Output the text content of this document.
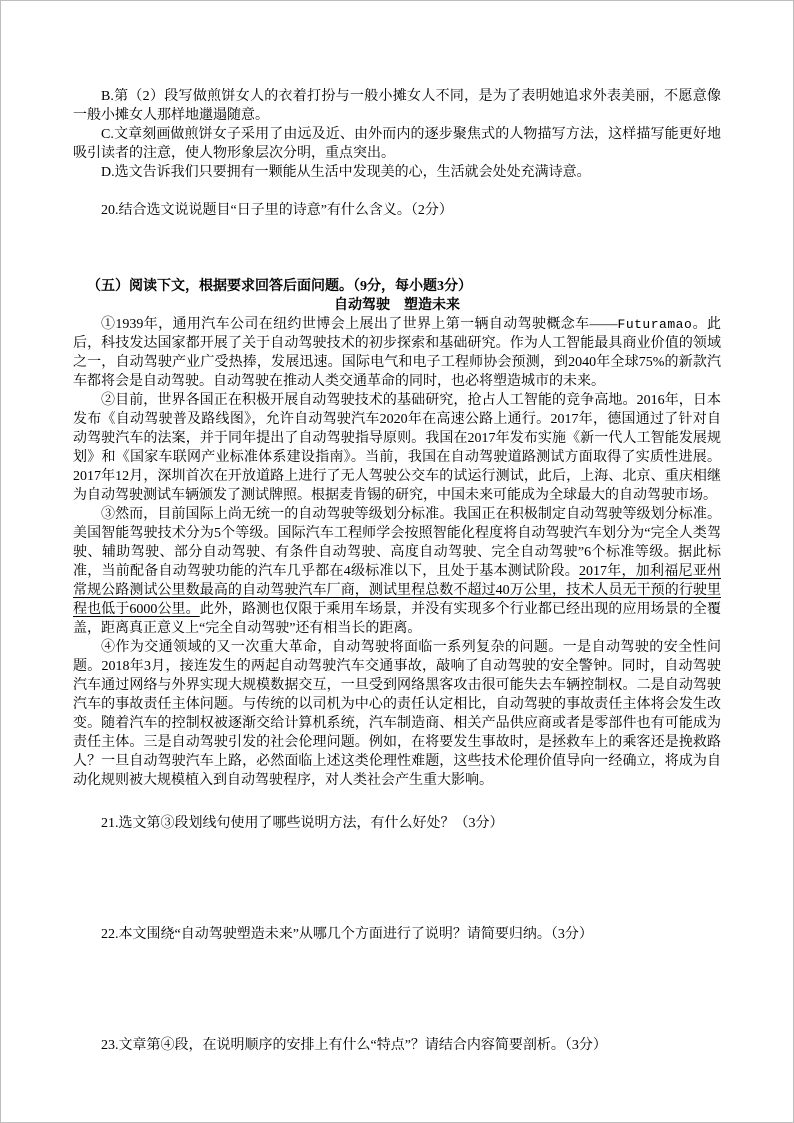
B.第（2）段写做煎饼女人的衣着打扮与一般小摊女人不同，是为了表明她追求外表美丽，不愿意像一般小摊女人那样地邋遢随意。

C.文章刻画做煎饼女子采用了由远及近、由外而内的逐步聚焦式的人物描写方法，这样描写能更好地吸引读者的注意，使人物形象层次分明，重点突出。

D.选文告诉我们只要拥有一颗能从生活中发现美的心，生活就会处处充满诗意。

20.结合选文说说题目“日子里的诗意”有什么含义。（2分）

（五）阅读下文，根据要求回答后面问题。（9分，每小题3分）

自动驾驶　塑造未来

①1939年，通用汽车公司在纽约世博会上展出了世界上第一辆自动驾驶概念车——Futuramao。此后，科技发达国家都开展了关于自动驾驶技术的初步探索和基础研究。作为人工智能最具商业价值的领域之一，自动驾驶产业广受热捧，发展迅速。国际电气和电子工程师协会预测，到2040年全球75%的新款汽车都将会是自动驾驶。自动驾驶在推动人类交通革命的同时，也必将塑造城市的未来。

②目前，世界各国正在积极开展自动驾驶技术的基础研究，抢占人工智能的竞争高地。2016年，日本发布《自动驾驶普及路线图》，允许自动驾驶汽车2020年在高速公路上通行。2017年，德国通过了针对自动驾驶汽车的法案，并于同年提出了自动驾驶指导原则。我国在2017年发布实施《新一代人工智能发展规划》和《国家车联网产业标准体系建设指南》。当前，我国在自动驾驶道路测试方面取得了实质性进展。2017年12月，深圳首次在开放道路上进行了无人驾驶公交车的试运行测试，此后，上海、北京、重庆相继为自动驾驶测试车辆颁发了测试牌照。根据麦肯锡的研究，中国未来可能成为全球最大的自动驾驶市场。

③然而，目前国际上尚无统一的自动驾驶等级划分标准。我国正在积极制定自动驾驶等级划分标准。美国智能驾驶技术分为5个等级。国际汽车工程师学会按照智能化程度将自动驾驶汽车划分为“完全人类驾驶、辅助驾驶、部分自动驾驶、有条件自动驾驶、高度自动驾驶、完全自动驾驶”6个标准等级。据此标准，当前配备自动驾驶功能的汽车几乎都在4级标准以下，且处于基本测试阶段。2017年，加利福尼亚州常规公路测试公里数最高的自动驾驶汽车厂商，测试里程总数不超过40万公里，技术人员无干预的行驶里程也低于6000公里。此外，路测也仅限于乘用车场景，并没有实现多个行业都已经出现的应用场景的全覆盖，距离真正意义上“完全自动驾驶”还有相当长的距离。

④作为交通领域的又一次重大革命，自动驾驶将面临一系列复杂的问题。一是自动驾驶的安全性问题。2018年3月，接连发生的两起自动驾驶汽车交通事故，敲响了自动驾驶的安全警钟。同时，自动驾驶汽车通过网络与外界实现大规模数据交互，一旦受到网络黑客攻击很可能失去车辆控制权。二是自动驾驶汽车的事故责任主体问题。与传统的以司机为中心的责任认定相比，自动驾驶的事故责任主体将会发生改变。随着汽车的控制权被逐渐交给计算机系统，汽车制造商、相关产品供应商或者是零部件也有可能成为责任主体。三是自动驾驶引发的社会伦理问题。例如，在将要发生事故时，是拯救车上的乘客还是挽救路人？一旦自动驾驶汽车上路，必然面临上述这类伦理性难题，这些技术伦理价值导向一经确立，将成为自动化规则被大规模植入到自动驾驶程序，对人类社会产生重大影响。

21.选文第③段划线句使用了哪些说明方法，有什么好处？（3分）

22.本文围绕“自动驾驶塑造未来”从哪几个方面进行了说明？请简要归纳。（3分）

23.文章第④段，在说明顺序的安排上有什么“特点”？请结合内容简要剖析。（3分）
